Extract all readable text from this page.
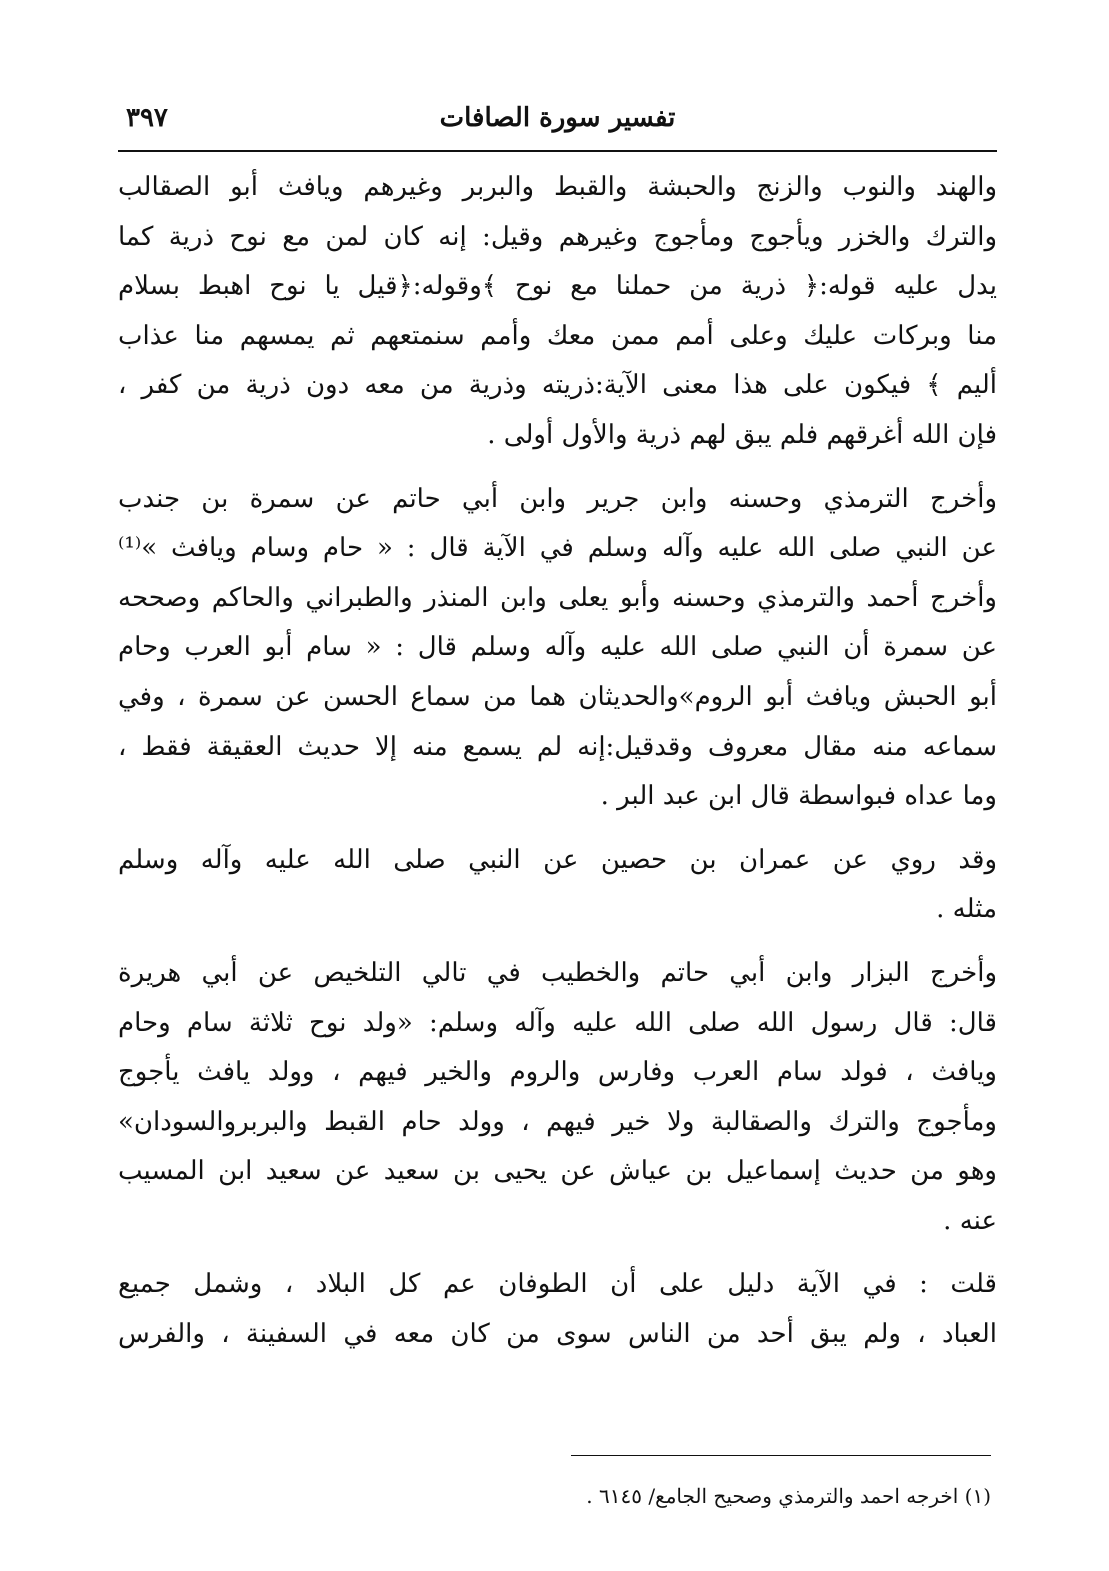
تفسير سورة الصافات
٣٩٧
والهند والنوب والزنج والحبشة والقبط والبربر وغيرهم ويافث أبو الصقالب
والترك والخزر ويأجوج ومأجوج وغيرهم وقيل: إنه كان لمن مع نوح ذرية كما
يدل عليه قوله:﴿ ذرية من حملنا مع نوح ﴾وقوله:﴿قيل يا نوح اهبط بسلام
منا وبركات عليك وعلى أمم ممن معك وأمم سنمتعهم ثم يمسهم منا عذاب
أليم ﴾ فيكون على هذا معنى الآية:ذريته وذرية من معه دون ذرية من كفر ،
فإن الله أغرقهم فلم يبق لهم ذرية والأول أولى .
وأخرج الترمذي وحسنه وابن جرير وابن أبي حاتم عن سمرة بن جندب
عن النبي صلى الله عليه وآله وسلم في الآية قال : « حام وسام ويافث »⁽¹⁾
وأخرج أحمد والترمذي وحسنه وأبو يعلى وابن المنذر والطبراني والحاكم وصححه
عن سمرة أن النبي صلى الله عليه وآله وسلم قال : « سام أبو العرب وحام
أبو الحبش ويافث أبو الروم»والحديثان هما من سماع الحسن عن سمرة ، وفي
سماعه منه مقال معروف وقدقيل:إنه لم يسمع منه إلا حديث العقيقة فقط ،
وما عداه فبواسطة قال ابن عبد البر .
وقد روي عن عمران بن حصين عن النبي صلى الله عليه وآله وسلم
مثله .
وأخرج البزار وابن أبي حاتم والخطيب في تالي التلخيص عن أبي هريرة
قال: قال رسول الله صلى الله عليه وآله وسلم: «ولد نوح ثلاثة سام وحام
ويافث ، فولد سام العرب وفارس والروم والخير فيهم ، وولد يافث يأجوج
ومأجوج والترك والصقالبة ولا خير فيهم ، وولد حام القبط والبربروالسودان»
وهو من حديث إسماعيل بن عياش عن يحيى بن سعيد عن سعيد ابن المسيب
عنه .
قلت : في الآية دليل على أن الطوفان عم كل البلاد ، وشمل جميع
العباد ، ولم يبق أحد من الناس سوى من كان معه في السفينة ، والفرس
(١) اخرجه احمد والترمذي وصحيح الجامع/ ٦١٤٥ .
